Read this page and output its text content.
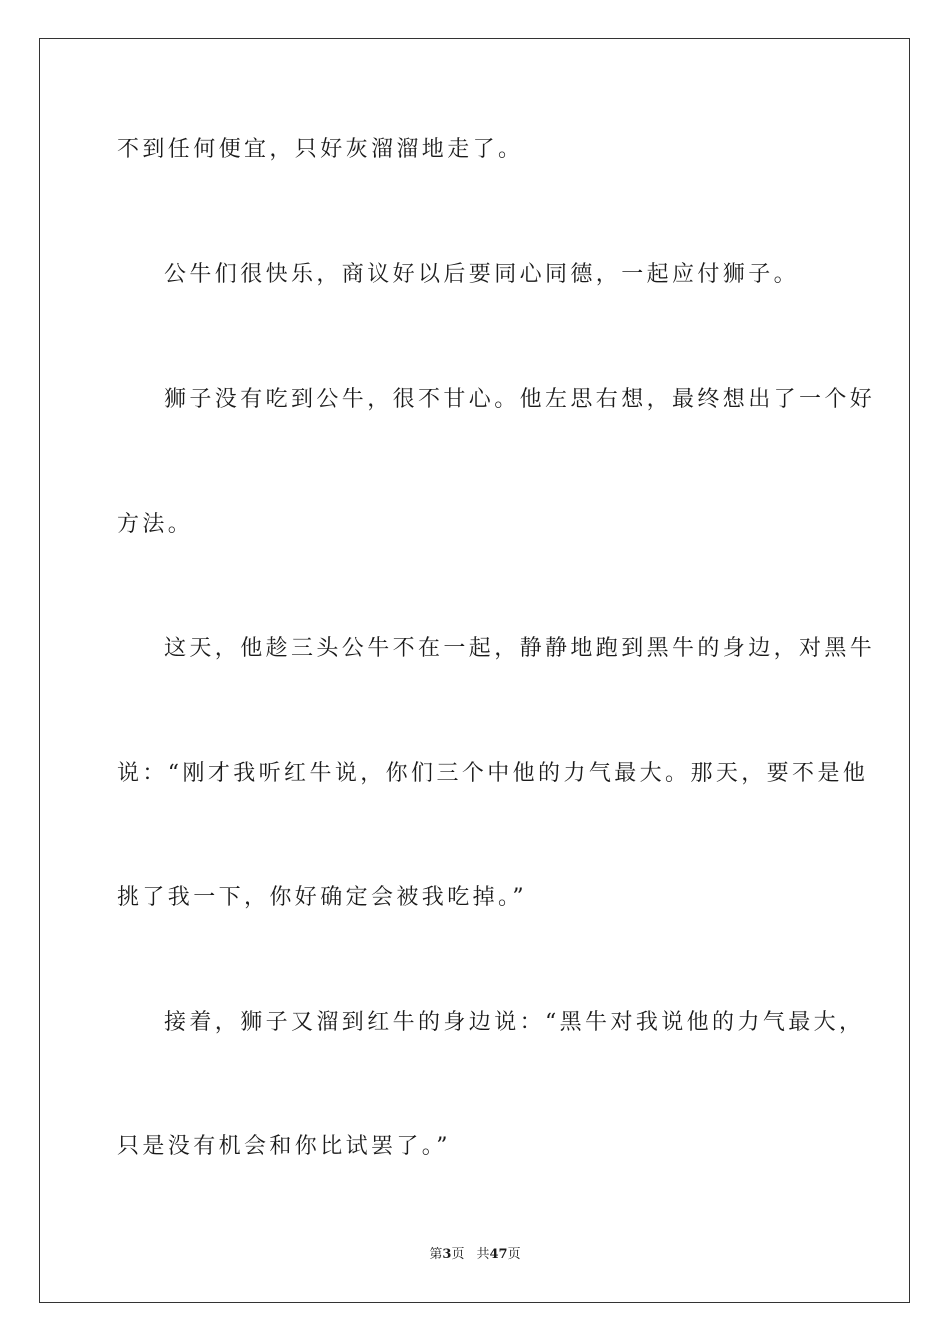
不到任何便宜，只好灰溜溜地走了。
公牛们很快乐，商议好以后要同心同德，一起应付狮子。
狮子没有吃到公牛，很不甘心。他左思右想，最终想出了一个好
方法。
这天，他趁三头公牛不在一起，静静地跑到黑牛的身边，对黑牛
说：“刚才我听红牛说，你们三个中他的力气最大。那天，要不是他
挑了我一下，你好确定会被我吃掉。”
接着，狮子又溜到红牛的身边说：“黑牛对我说他的力气最大，
只是没有机会和你比试罢了。”
第3页 共47页
